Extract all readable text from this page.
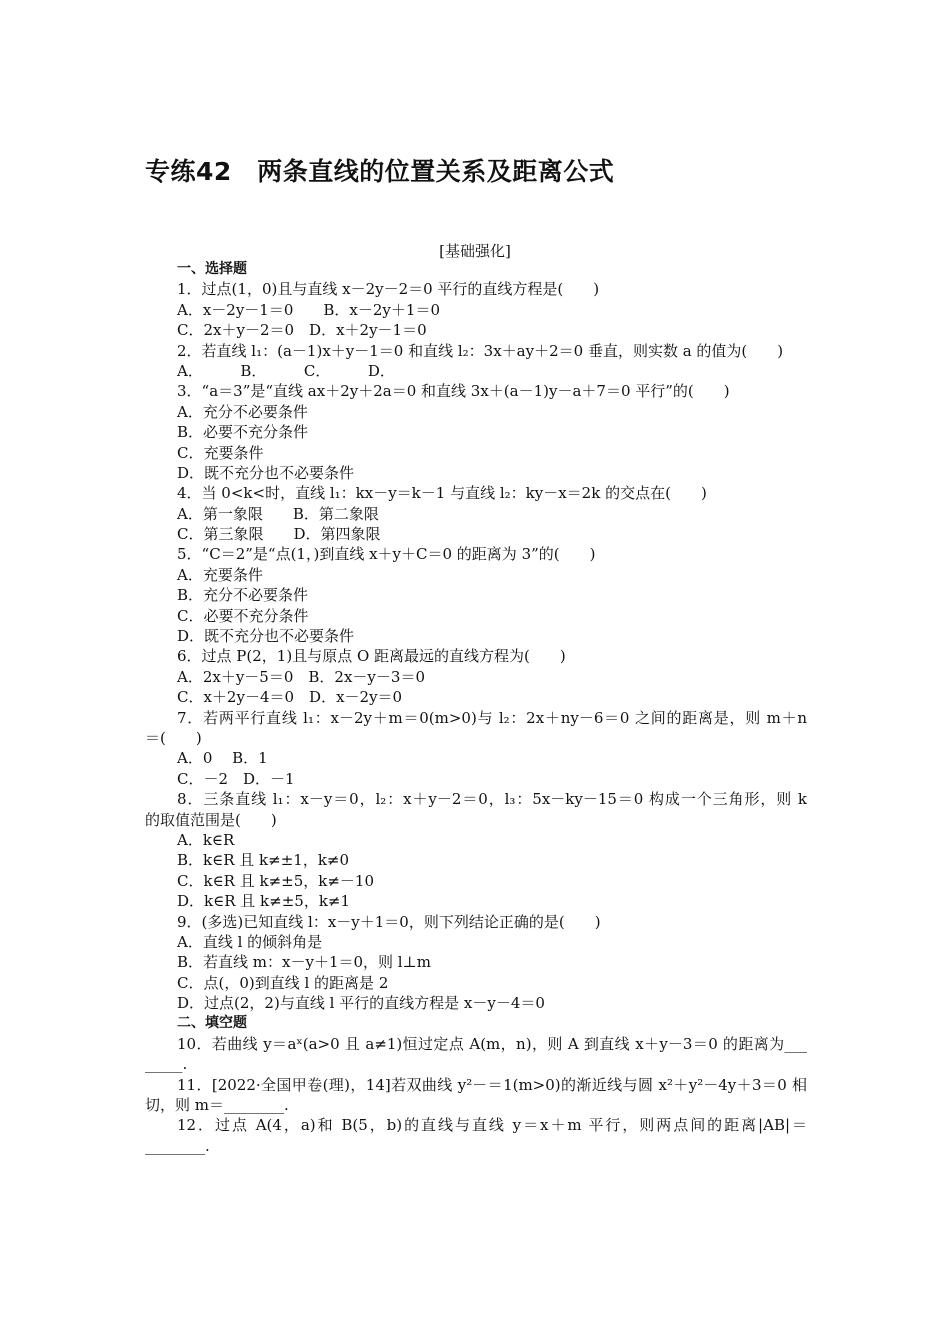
专练42　两条直线的位置关系及距离公式
[基础强化]
一、选择题
1．过点(1，0)且与直线 x－2y－2＝0 平行的直线方程是(　　)
A．x－2y－1＝0　　B．x－2y＋1＝0
C．2x＋y－2＝0　D．x＋2y－1＝0
2．若直线 l₁：(a－1)x＋y－1＝0 和直线 l₂：3x＋ay＋2＝0 垂直，则实数 a 的值为(　　)
A．　　　B．　　　C．　　　D．
3．“a＝3”是“直线 ax＋2y＋2a＝0 和直线 3x＋(a－1)y－a＋7＝0 平行”的(　　)
A．充分不必要条件
B．必要不充分条件
C．充要条件
D．既不充分也不必要条件
4．当 0<k<时，直线 l₁：kx－y＝k－1 与直线 l₂：ky－x＝2k 的交点在(　　)
A．第一象限　　B．第二象限
C．第三象限　　D．第四象限
5．“C＝2”是“点(1，)到直线 x＋y＋C＝0 的距离为 3”的(　　)
A．充要条件
B．充分不必要条件
C．必要不充分条件
D．既不充分也不必要条件
6．过点 P(2，1)且与原点 O 距离最远的直线方程为(　　)
A．2x＋y－5＝0　B．2x－y－3＝0
C．x＋2y－4＝0　D．x－2y＝0
7．若两平行直线 l₁：x－2y＋m＝0(m>0)与 l₂：2x＋ny－6＝0 之间的距离是，则 m＋n
＝(　　)
A．0　 B．1
C．－2　D．－1
8．三条直线 l₁：x－y＝0，l₂：x＋y－2＝0，l₃：5x－ky－15＝0 构成一个三角形，则 k
的取值范围是(　　)
A．k∈R
B．k∈R 且 k≠±1，k≠0
C．k∈R 且 k≠±5，k≠－10
D．k∈R 且 k≠±5，k≠1
9．(多选)已知直线 l：x－y＋1＝0，则下列结论正确的是(　　)
A．直线 l 的倾斜角是
B．若直线 m：x－y＋1＝0，则 l⊥m
C．点(，0)到直线 l 的距离是 2
D．过点(2，2)与直线 l 平行的直线方程是 x－y－4＝0
二、填空题
10．若曲线 y＝aˣ(a>0 且 a≠1)恒过定点 A(m，n)，则 A 到直线 x＋y－3＝0 的距离为___
_____.
11．[2022·全国甲卷(理)，14]若双曲线 y²－＝1(m>0)的渐近线与圆 x²＋y²－4y＋3＝0 相
切，则 m＝________.
12．过点 A(4，a)和 B(5，b)的直线与直线 y＝x＋m 平行，则两点间的距离|AB|＝
________.
